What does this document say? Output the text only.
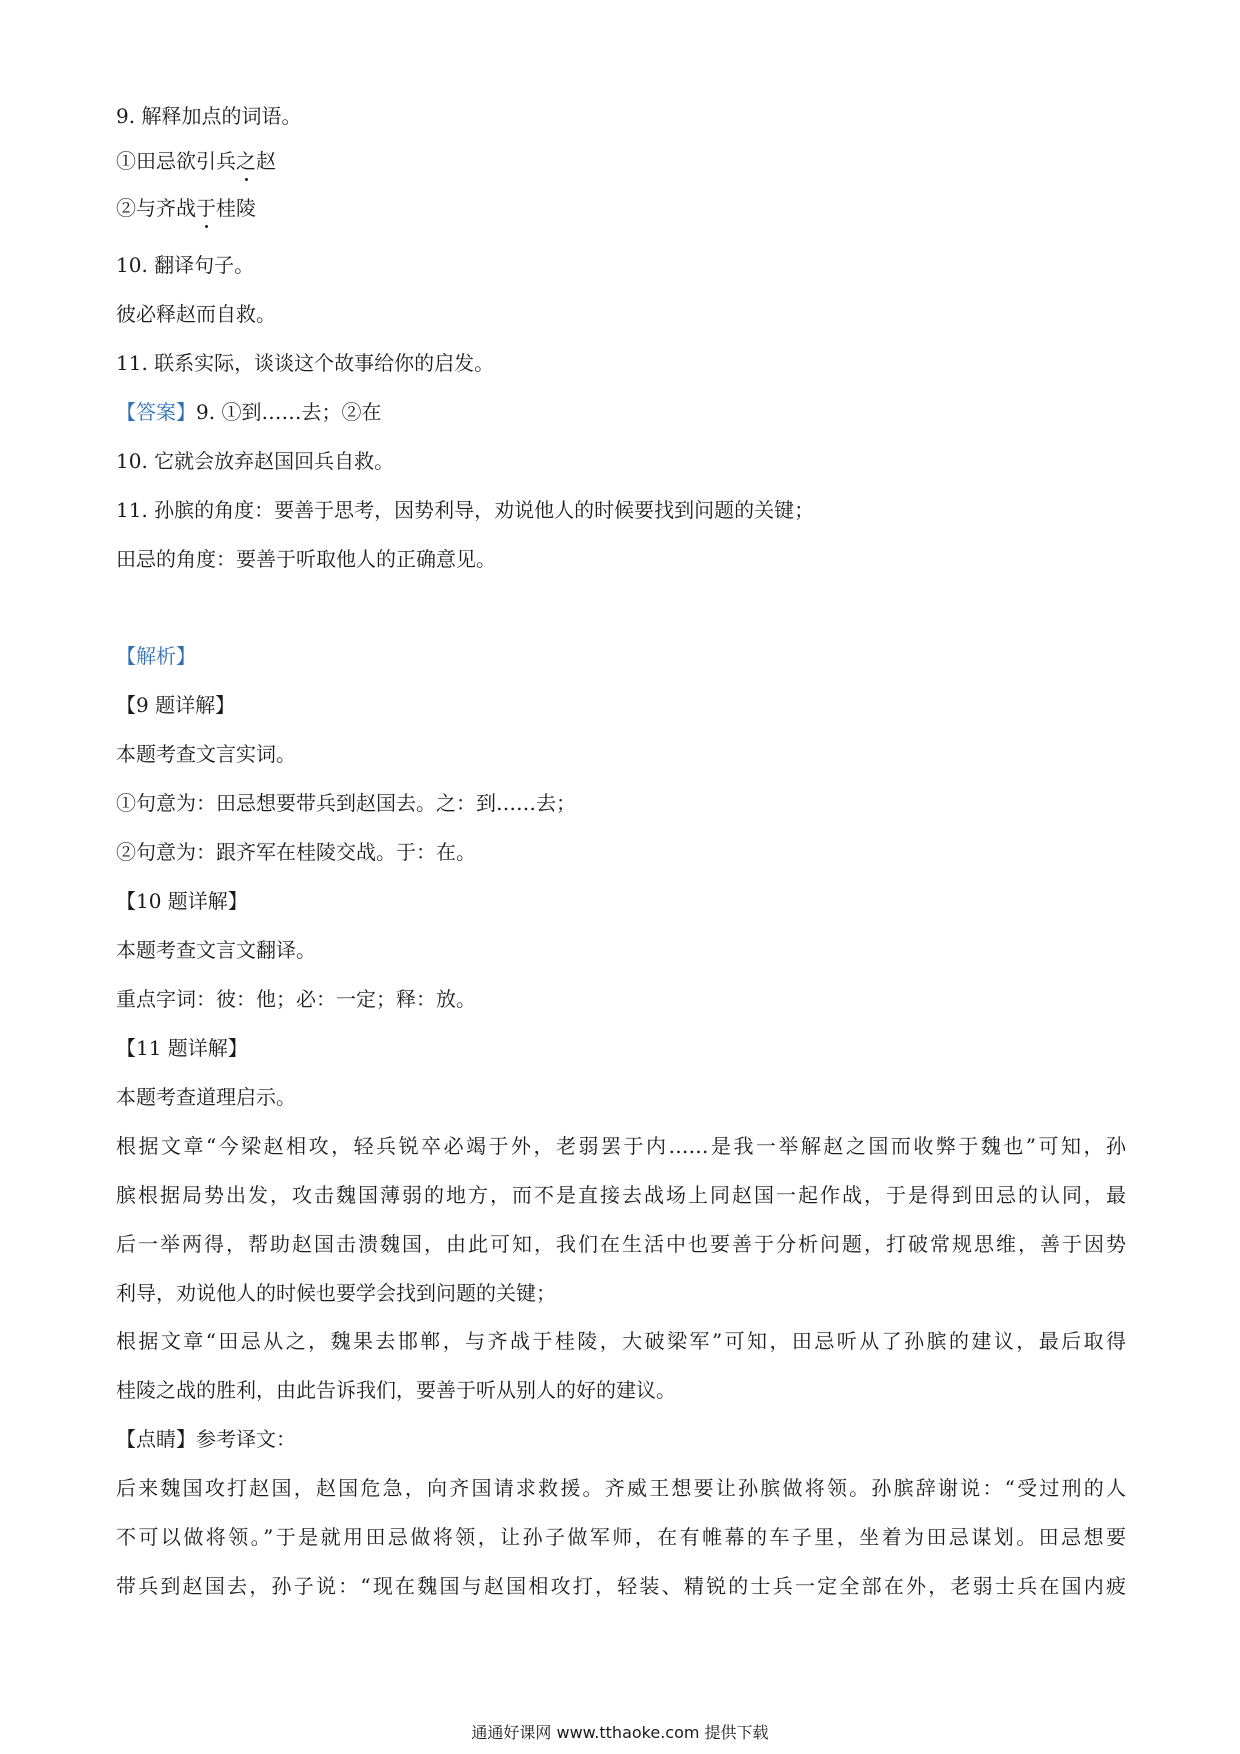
9. 解释加点的词语。
①田忌欲引兵之赵
②与齐战于桂陵
10. 翻译句子。
彼必释赵而自救。
11. 联系实际，谈谈这个故事给你的启发。
【答案】9. ①到……去；②在
10. 它就会放弃赵国回兵自救。
11. 孙膑的角度：要善于思考，因势利导，劝说他人的时候要找到问题的关键；
田忌的角度：要善于听取他人的正确意见。
【解析】
【9 题详解】
本题考查文言实词。
①句意为：田忌想要带兵到赵国去。之：到……去；
②句意为：跟齐军在桂陵交战。于：在。
【10 题详解】
本题考查文言文翻译。
重点字词：彼：他；必：一定；释：放。
【11 题详解】
本题考查道理启示。
根据文章“今梁赵相攻，轻兵锐卒必竭于外，老弱罢于内……是我一举解赵之国而收弊于魏也”可知，孙
膑根据局势出发，攻击魏国薄弱的地方，而不是直接去战场上同赵国一起作战，于是得到田忌的认同，最
后一举两得，帮助赵国击溃魏国，由此可知，我们在生活中也要善于分析问题，打破常规思维，善于因势
利导，劝说他人的时候也要学会找到问题的关键；
根据文章“田忌从之，魏果去邯郸，与齐战于桂陵，大破梁军”可知，田忌听从了孙膑的建议，最后取得
桂陵之战的胜利，由此告诉我们，要善于听从别人的好的建议。
【点睛】参考译文：
后来魏国攻打赵国，赵国危急，向齐国请求救援。齐威王想要让孙膑做将领。孙膑辞谢说：“受过刑的人
不可以做将领。”于是就用田忌做将领，让孙子做军师，在有帷幕的车子里，坐着为田忌谋划。田忌想要
带兵到赵国去，孙子说：“现在魏国与赵国相攻打，轻装、精锐的士兵一定全部在外，老弱士兵在国内疲
通通好课网 www.tthaoke.com 提供下载
